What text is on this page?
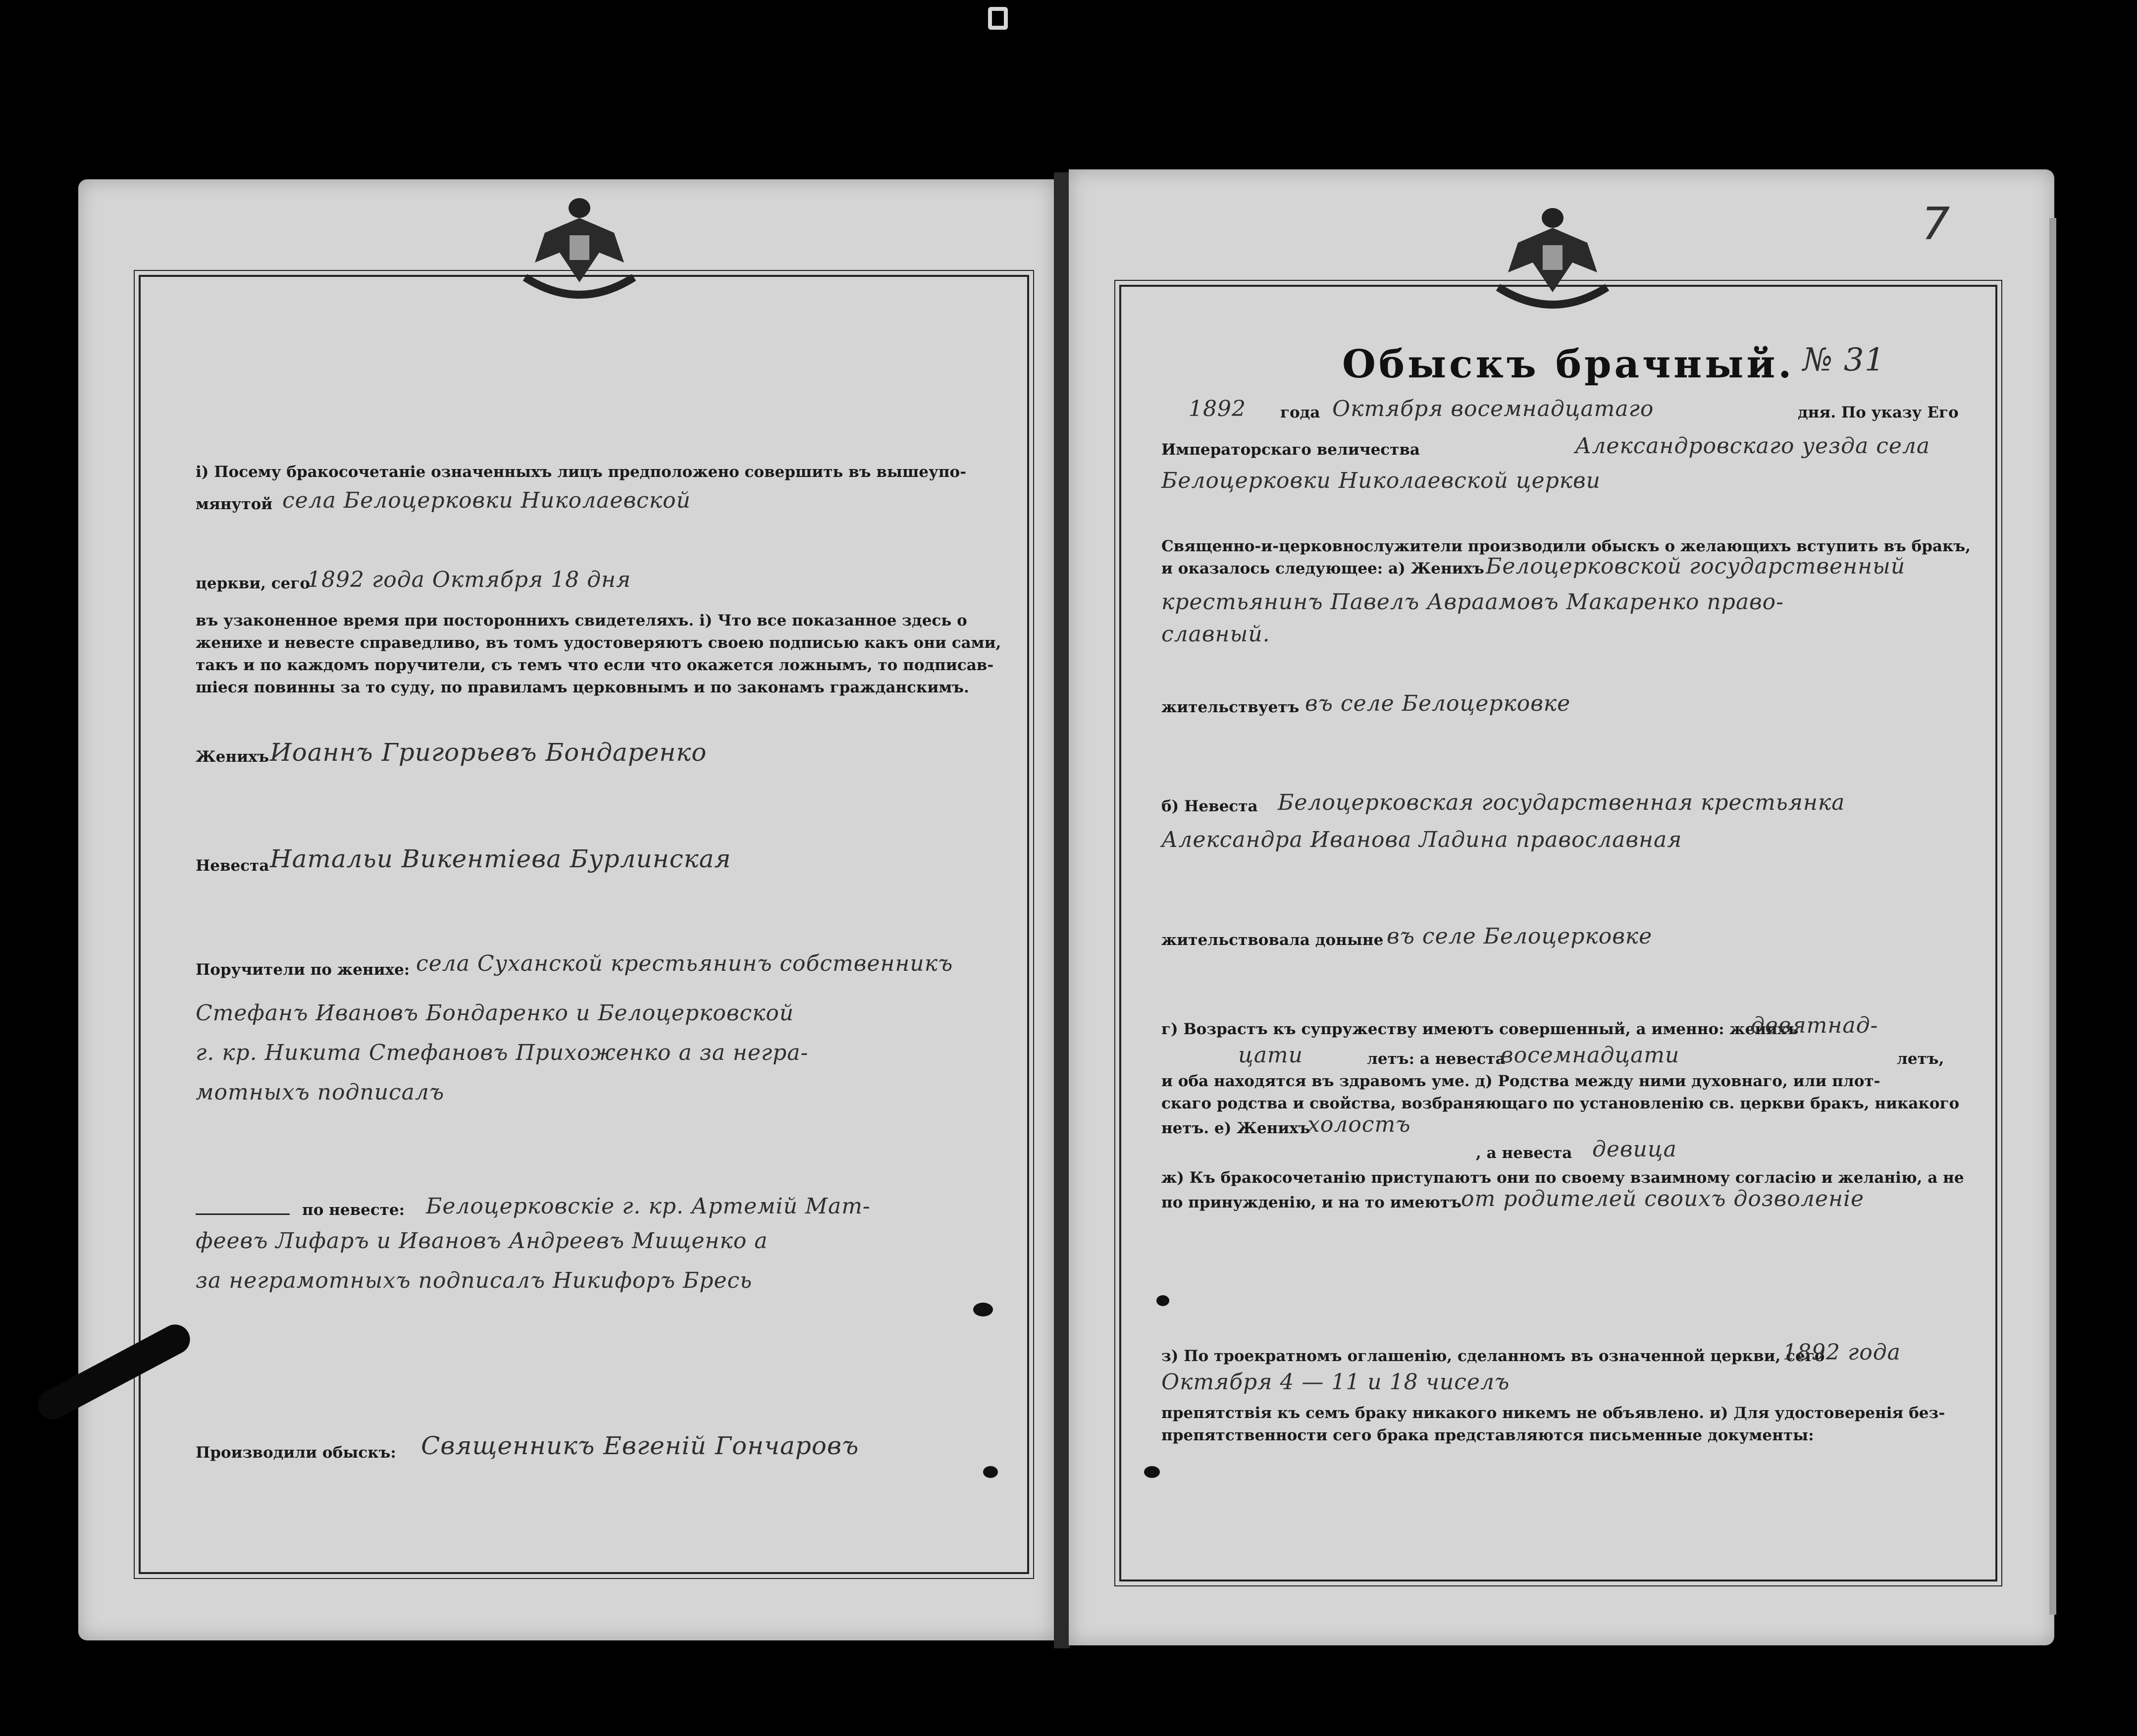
7
Обыскъ брачный. № 31
1892 года Октября восемнадцатаго	дня. По указу Его
Императорскаго величества	Александровскаго уезда села
Белоцерковки Николаевской церкви
Священно-и-церковнослужители производили обыскъ о желающихъ вступить въ бракъ,
и оказалось следующее: а) Женихъ Белоцерковской государственный
крестьянинъ Павелъ Авраамовъ Макаренко право-
славный.
жительствуетъ въ селе Белоцерковке
б) Невеста Белоцерковская государственная крестьянка
Александра Иванова Ладина православная
жительствовала донынe въ селе Белоцерковке
г) Возрастъ къ супружеству имеютъ совершенный, а именно: женихъ
девятнад-
цати	летъ: а невеста
восемнадцати	летъ,
и оба находятся въ здравомъ уме. д) Родства между ними духовнаго, или плот-
скаго родства и свойства, возбраняющаго по установленiю св. церкви бракъ, никакого
нетъ. е) Женихъ
холостъ
, а невеста девица
ж) Къ бракосочетанiю приступаютъ они по своему взаимному согласiю и желанiю, а не
по принужденiю, и на то имеютъ
от родителей своихъ дозволенiе
з) По троекратномъ оглашенiю, сделанномъ въ означенной церкви, сего
1892 года
Октября 4 — 11 и 18 чиселъ
препятствiя къ семъ браку никакого никемъ не объявлено. и) Для удостоверенiя без-
препятственности сего брака представляются письменные документы:
i) Посему бракосочетанiе означенныхъ лицъ предположено совершить въ вышеупо-
мянутой села Белоцерковки Николаевской
церкви, сего
1892 года Октября 18 дня
въ узаконенное время при постороннихъ свидетеляхъ. i) Что все показанное здесь о
женихе и невесте справедливо, въ томъ удостоверяютъ своею подписью какъ они сами,
такъ и по каждомъ поручители, съ темъ что если что окажется ложнымъ, то подписав-
шiеся повинны за то суду, по правиламъ церковнымъ и по законамъ гражданскимъ.
Женихъ Иоаннъ Григорьевъ Бондаренко
Невеста Натальи Викентiева Бурлинская
Поручители по женихе: села Суханской крестьянинъ собственникъ
Стефанъ Ивановъ Бондаренко и Белоцерковской
г. кр. Никита Стефановъ Прихоженко а за негра-
мотныхъ подписалъ
по невесте: Белоцерковскiе г. кр. Артемiй Мат-
феевъ Лифаръ и Ивановъ Андреевъ Мищенко а
за неграмотныхъ подписалъ Никифоръ Бресь
Производили обыскъ: Священникъ Евгенiй Гончаровъ
